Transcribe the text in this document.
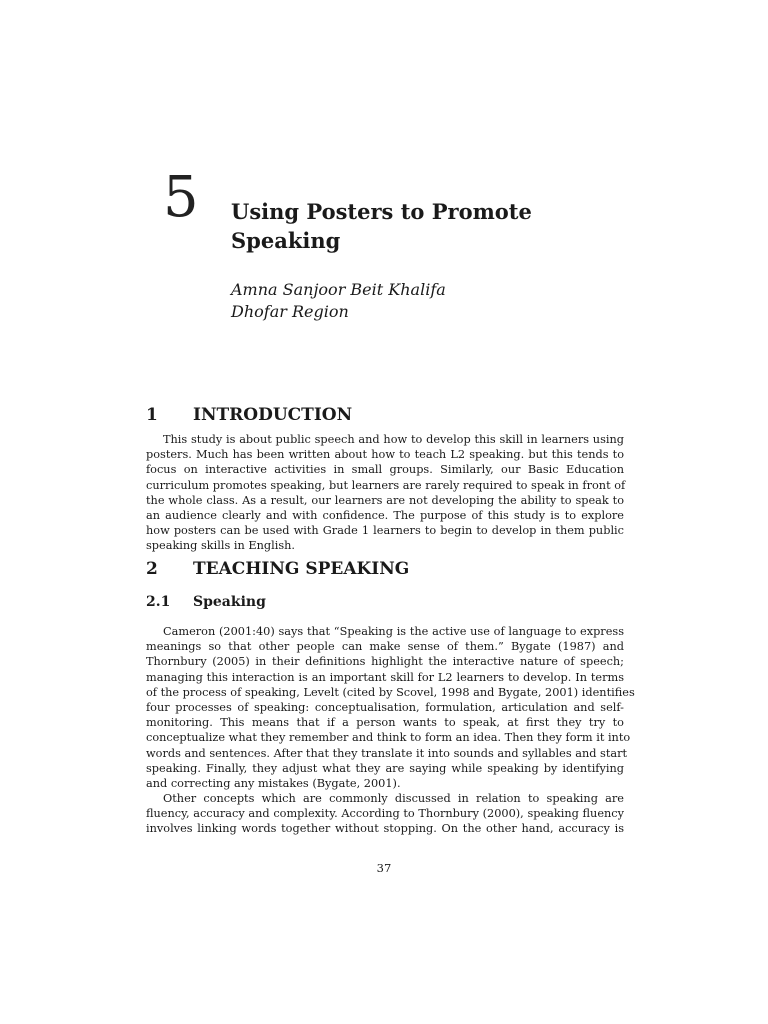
5 Using Posters to Promote
Speaking
Amna Sanjoor Beit Khalifa
Dhofar Region
1 INTRODUCTION
This study is about public speech and how to develop this skill in learners using
posters. Much has been written about how to teach L2 speaking. but this tends to
focus on interactive activities in small groups. Similarly, our Basic Education
curriculum promotes speaking, but learners are rarely required to speak in front of
the whole class. As a result, our learners are not developing the ability to speak to
an audience clearly and with confidence. The purpose of this study is to explore
how posters can be used with Grade 1 learners to begin to develop in them public
speaking skills in English.
2 TEACHING SPEAKING
2.1 Speaking
Cameron (2001:40) says that “Speaking is the active use of language to express
meanings so that other people can make sense of them.” Bygate (1987) and
Thornbury (2005) in their definitions highlight the interactive nature of speech;
managing this interaction is an important skill for L2 learners to develop. In terms
of the process of speaking, Levelt (cited by Scovel, 1998 and Bygate, 2001) identifies
four processes of speaking: conceptualisation, formulation, articulation and self-
monitoring. This means that if a person wants to speak, at first they try to
conceptualize what they remember and think to form an idea. Then they form it into
words and sentences. After that they translate it into sounds and syllables and start
speaking. Finally, they adjust what they are saying while speaking by identifying
and correcting any mistakes (Bygate, 2001).
Other concepts which are commonly discussed in relation to speaking are
fluency, accuracy and complexity. According to Thornbury (2000), speaking fluency
involves linking words together without stopping. On the other hand, accuracy is
37
